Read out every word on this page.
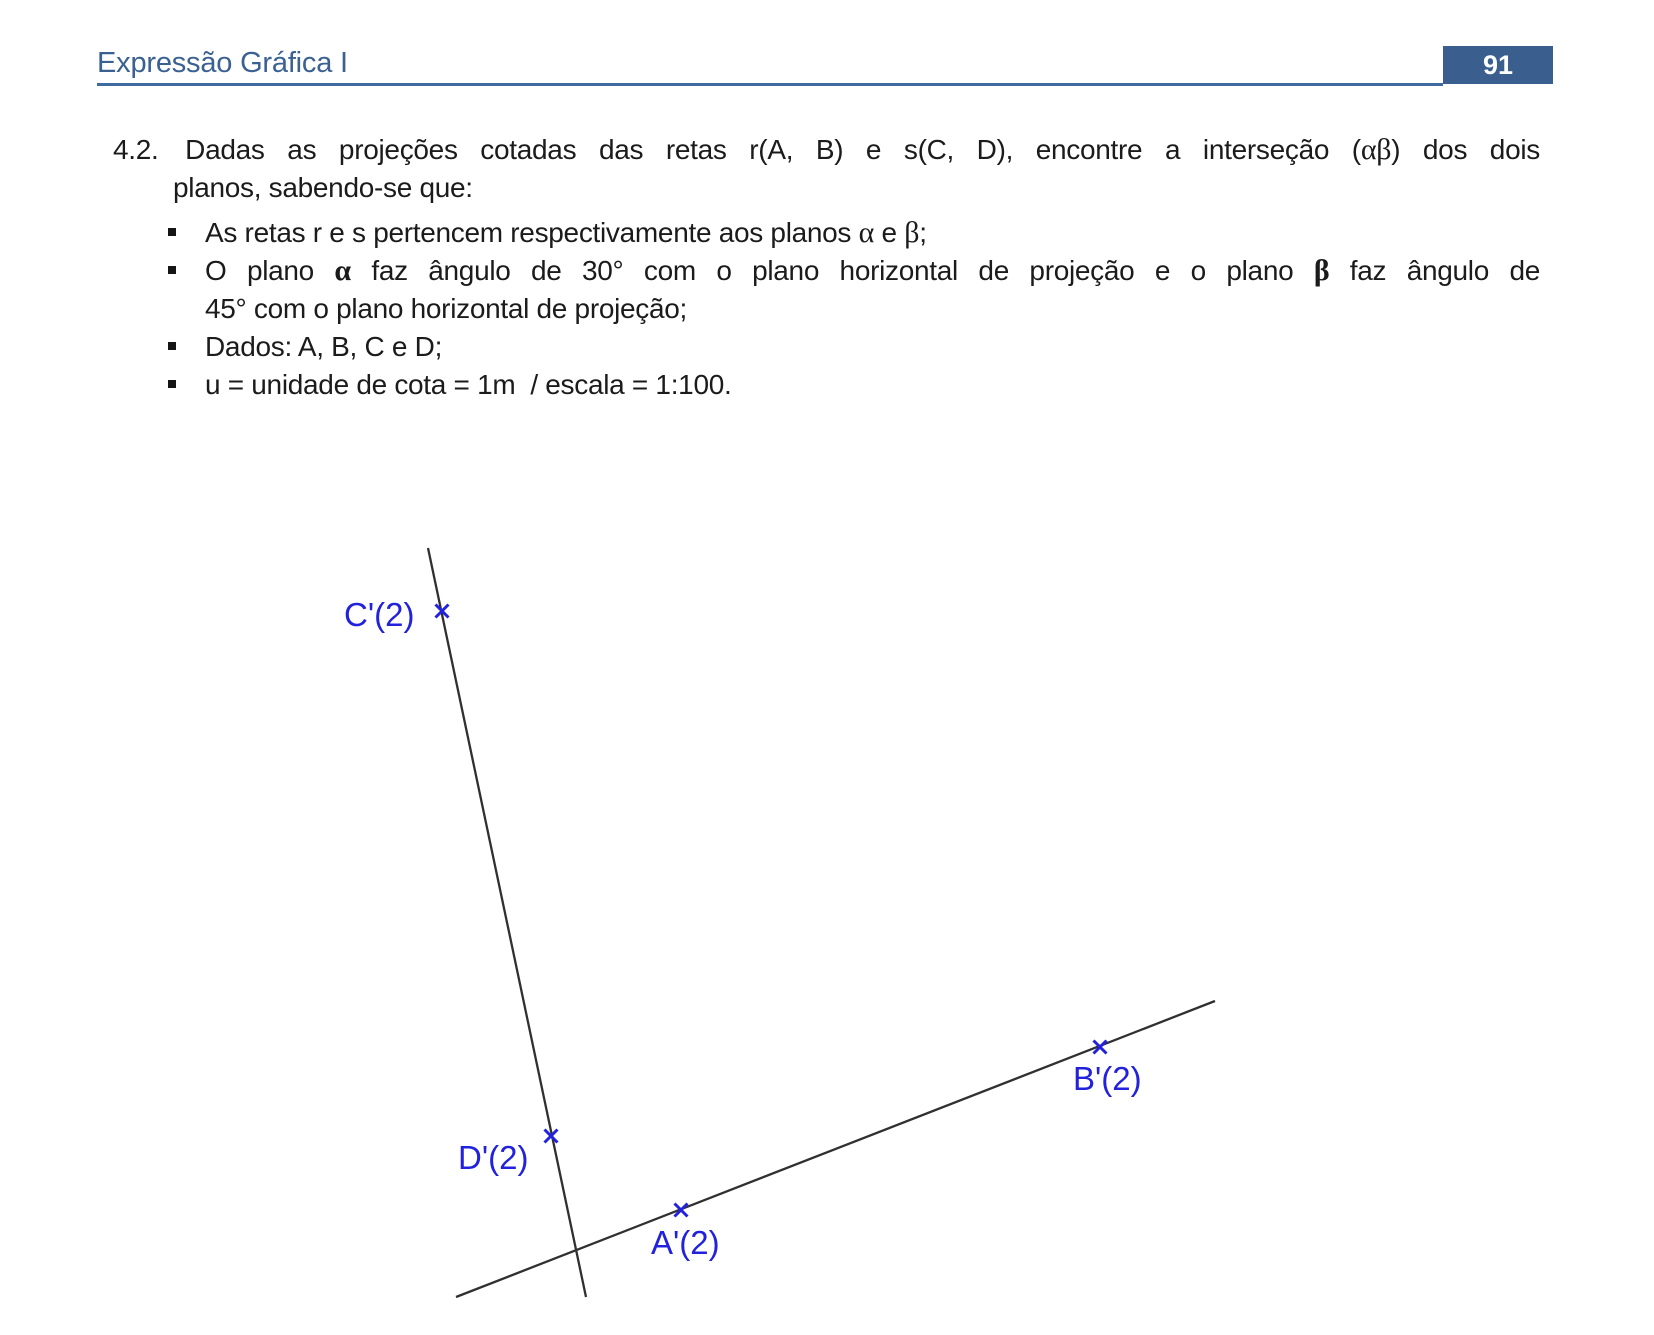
Expressão Gráfica I	91
4.2. Dadas as projeções cotadas das retas r(A, B) e s(C, D), encontre a interseção (αβ) dos dois
planos, sabendo-se que:
As retas r e s pertencem respectivamente aos planos α e β;
O plano α faz ângulo de 30° com o plano horizontal de projeção e o plano β faz ângulo de
45° com o plano horizontal de projeção;
Dados: A, B, C e D;
u = unidade de cota = 1m  / escala = 1:100.
C'(2)
D'(2)
A'(2)
B'(2)
